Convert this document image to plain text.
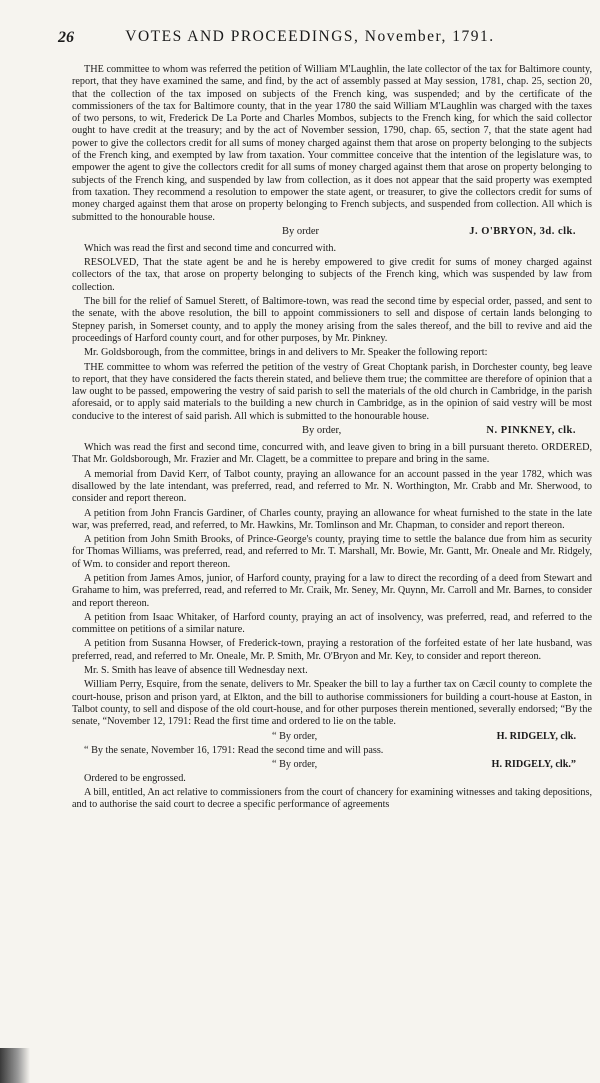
26	VOTES AND PROCEEDINGS, November, 1791.

THE committee to whom was referred the petition of William M'Laughlin, the late collector of the tax for Baltimore county, report, that they have examined the same, and find, by the act of assembly passed at May session, 1781, chap. 25, section 20, that the collection of the tax imposed on subjects of the French king, was suspended; and by the certificate of the commissioners of the tax for Baltimore county, that in the year 1780 the said William M'Laughlin was charged with the taxes of two persons, to wit, Frederick De La Porte and Charles Mombos, subjects to the French king, for which the said collector ought to have credit at the treasury; and by the act of November session, 1790, chap. 65, section 7, that the state agent had power to give the collectors credit for all sums of money charged against them that arose on property belonging to the subjects of the French king, and exempted by law from taxation. Your committee conceive that the intention of the legislature was, to empower the agent to give the collectors credit for all sums of money charged against them that arose on property belonging to subjects of the French king, and suspended by law from collection, as it does not appear that the said property was exempted from taxation. They recommend a resolution to empower the state agent, or treasurer, to give the collectors credit for sums of money charged against them that arose on property belonging to French subjects, and suspended from collection. All which is submitted to the honourable house.

By order	J. O'BRYON, 3d. clk.

Which was read the first and second time and concurred with.

RESOLVED, That the state agent be and he is hereby empowered to give credit for sums of money charged against collectors of the tax, that arose on property belonging to subjects of the French king, which was suspended by law from collection.

The bill for the relief of Samuel Sterett, of Baltimore-town, was read the second time by especial order, passed, and sent to the senate, with the above resolution, the bill to appoint commissioners to sell and dispose of certain lands belonging to Stepney parish, in Somerset county, and to apply the money arising from the sales thereof, and the bill to revive and aid the proceedings of Harford county court, and for other purposes, by Mr. Pinkney.

Mr. Goldsborough, from the committee, brings in and delivers to Mr. Speaker the following report:

THE committee to whom was referred the petition of the vestry of Great Choptank parish, in Dorchester county, beg leave to report, that they have considered the facts therein stated, and believe them true; the committee are therefore of opinion that a law ought to be passed, empowering the vestry of said parish to sell the materials of the old church in Cambridge, in the parish aforesaid, or to apply said materials to the building a new church in Cambridge, as in the opinion of said vestry will be most conducive to the interest of said parish. All which is submitted to the honourable house.

By order,	N. PINKNEY, clk.

Which was read the first and second time, concurred with, and leave given to bring in a bill pursuant thereto. ORDERED, That Mr. Goldsborough, Mr. Frazier and Mr. Clagett, be a committee to prepare and bring in the same.

A memorial from David Kerr, of Talbot county, praying an allowance for an account passed in the year 1782, which was disallowed by the late intendant, was preferred, read, and referred to Mr. N. Worthington, Mr. Crabb and Mr. Sherwood, to consider and report thereon.

A petition from John Francis Gardiner, of Charles county, praying an allowance for wheat furnished to the state in the late war, was preferred, read, and referred, to Mr. Hawkins, Mr. Tomlinson and Mr. Chapman, to consider and report thereon.

A petition from John Smith Brooks, of Prince-George's county, praying time to settle the balance due from him as security for Thomas Williams, was preferred, read, and referred to Mr. T. Marshall, Mr. Bowie, Mr. Gantt, Mr. Oneale and Mr. Ridgely, of Wm. to consider and report thereon.

A petition from James Amos, junior, of Harford county, praying for a law to direct the recording of a deed from Stewart and Grahame to him, was preferred, read, and referred to Mr. Craik, Mr. Seney, Mr. Quynn, Mr. Carroll and Mr. Barnes, to consider and report thereon.

A petition from Isaac Whitaker, of Harford county, praying an act of insolvency, was preferred, read, and referred to the committee on petitions of a similar nature.

A petition from Susanna Howser, of Frederick-town, praying a restoration of the forfeited estate of her late husband, was preferred, read, and referred to Mr. Oneale, Mr. P. Smith, Mr. O'Bryon and Mr. Key, to consider and report thereon.

Mr. S. Smith has leave of absence till Wednesday next.

William Perry, Esquire, from the senate, delivers to Mr. Speaker the bill to lay a further tax on Cæcil county to complete the court-house, prison and prison yard, at Elkton, and the bill to authorise commissioners for building a court-house at Easton, in Talbot county, to sell and dispose of the old court-house, and for other purposes therein mentioned, severally endorsed; “By the senate, “November 12, 1791: Read the first time and ordered to lie on the table.

“ By order,	H. RIDGELY, clk.

“ By the senate, November 16, 1791: Read the second time and will pass.

“ By order,	H. RIDGELY, clk.”

Ordered to be engrossed.

A bill, entitled, An act relative to commissioners from the court of chancery for examining witnesses and taking depositions, and to authorise the said court to decree a specific performance of agreements
